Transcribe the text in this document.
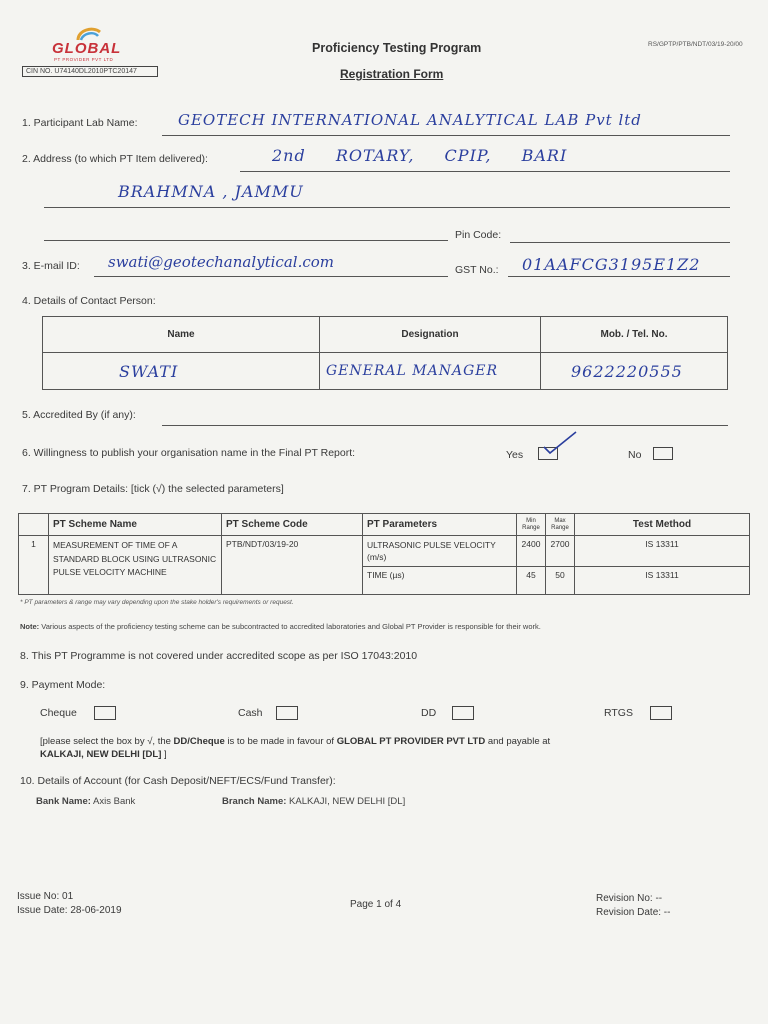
GLOBAL
PT PROVIDER PVT LTD
CIN NO. U74140DL2010PTC20147
Proficiency Testing Program
Registration Form
RS/GPTP/PTB/NDT/03/19-20/00
1. Participant Lab Name:	GEOTECH INTERNATIONAL ANALYTICAL LAB Pvt ltd
2. Address (to which PT Item delivered):	2nd ROTARY, CPIP, BARI
BRAHMNA , JAMMU
Pin Code:
3. E-mail ID: swati@geotechanalytical.com	GST No.: 01AAFCG3195E1Z2
4. Details of Contact Person:
Name	Designation	Mob. / Tel. No.
SWATI	GENERAL MANAGER	9622220555
5. Accredited By (if any):
6. Willingness to publish your organisation name in the Final PT Report:	Yes	No
7. PT Program Details: [tick (√) the selected parameters]
	PT Scheme Name	PT Scheme Code	PT Parameters	Min Range	Max Range	Test Method
1	MEASUREMENT OF TIME OF A STANDARD BLOCK USING ULTRASONIC PULSE VELOCITY MACHINE	PTB/NDT/03/19-20	ULTRASONIC PULSE VELOCITY (m/s)	2400	2700	IS 13311
			TIME (µs)	45	50	IS 13311
* PT parameters & range may vary depending upon the stake holder's requirements or request.
Note: Various aspects of the proficiency testing scheme can be subcontracted to accredited laboratories and Global PT Provider is responsible for their work.
8. This PT Programme is not covered under accredited scope as per ISO 17043:2010
9. Payment Mode:
Cheque	Cash	DD	RTGS
[please select the box by √, the DD/Cheque is to be made in favour of GLOBAL PT PROVIDER PVT LTD and payable at
KALKAJI, NEW DELHI [DL] ]
10. Details of Account (for Cash Deposit/NEFT/ECS/Fund Transfer):
Bank Name: Axis Bank	Branch Name: KALKAJI, NEW DELHI [DL]
Issue No: 01
Issue Date: 28-06-2019
Page 1 of 4
Revision No: --
Revision Date: --
